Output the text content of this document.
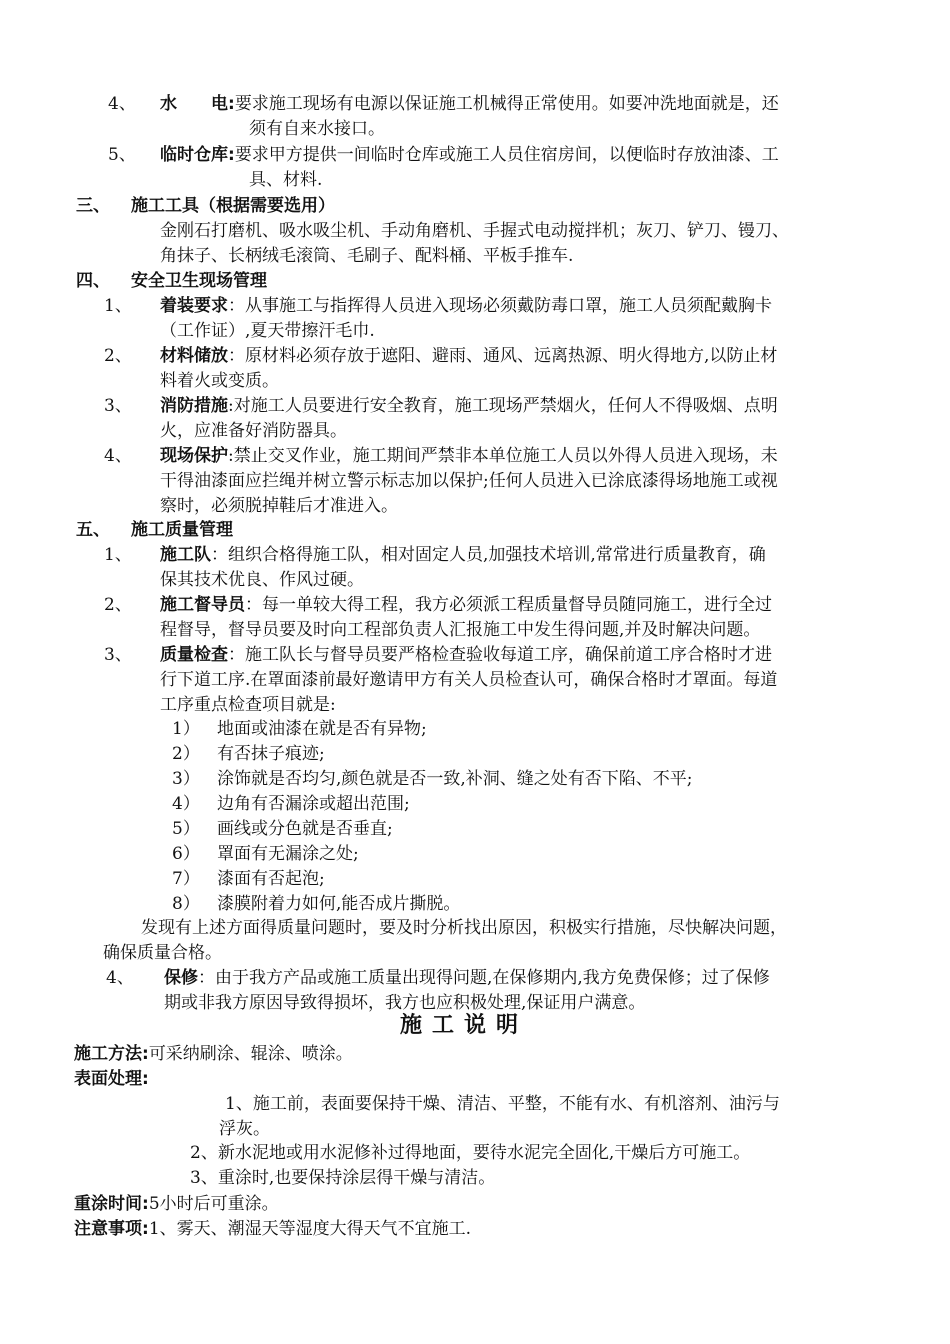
4、 水　　电:要求施工现场有电源以保证施工机械得正常使用。如要冲洗地面就是，还
须有自来水接口。
5、 临时仓库:要求甲方提供一间临时仓库或施工人员住宿房间，以便临时存放油漆、工
具、材料.
三、 施工工具（根据需要选用）
金刚石打磨机、吸水吸尘机、手动角磨机、手握式电动搅拌机；灰刀、铲刀、镘刀、
角抹子、长柄绒毛滚筒、毛刷子、配料桶、平板手推车.
四、 安全卫生现场管理
1、 着装要求：从事施工与指挥得人员进入现场必须戴防毒口罩，施工人员须配戴胸卡
（工作证）,夏天带擦汗毛巾.
2、 材料储放：原材料必须存放于遮阳、避雨、通风、远离热源、明火得地方,以防止材
料着火或变质。
3、 消防措施:对施工人员要进行安全教育，施工现场严禁烟火，任何人不得吸烟、点明
火，应准备好消防器具。
4、 现场保护:禁止交叉作业，施工期间严禁非本单位施工人员以外得人员进入现场，未
干得油漆面应拦绳并树立警示标志加以保护;任何人员进入已涂底漆得场地施工或视
察时，必须脱掉鞋后才准进入。
五、 施工质量管理
1、 施工队：组织合格得施工队，相对固定人员,加强技术培训,常常进行质量教育，确
保其技术优良、作风过硬。
2、 施工督导员：每一单较大得工程，我方必须派工程质量督导员随同施工，进行全过
程督导，督导员要及时向工程部负责人汇报施工中发生得问题,并及时解决问题。
3、 质量检查：施工队长与督导员要严格检查验收每道工序，确保前道工序合格时才进
行下道工序.在罩面漆前最好邀请甲方有关人员检查认可，确保合格时才罩面。每道
工序重点检查项目就是:
1） 地面或油漆在就是否有异物;
2） 有否抹子痕迹;
3） 涂饰就是否均匀,颜色就是否一致,补洞、缝之处有否下陷、不平;
4） 边角有否漏涂或超出范围;
5） 画线或分色就是否垂直;
6） 罩面有无漏涂之处;
7） 漆面有否起泡;
8） 漆膜附着力如何,能否成片撕脱。
发现有上述方面得质量问题时，要及时分析找出原因，积极实行措施，尽快解决问题，
确保质量合格。
4、 保修：由于我方产品或施工质量出现得问题,在保修期内,我方免费保修；过了保修
期或非我方原因导致得损坏，我方也应积极处理,保证用户满意。
施工说明
施工方法:可采纳刷涂、辊涂、喷涂。
表面处理:
1、施工前，表面要保持干燥、清洁、平整，不能有水、有机溶剂、油污与
浮灰。
2、新水泥地或用水泥修补过得地面，要待水泥完全固化,干燥后方可施工。
3、重涂时,也要保持涂层得干燥与清洁。
重涂时间:5小时后可重涂。
注意事项:1、雾天、潮湿天等湿度大得天气不宜施工.
